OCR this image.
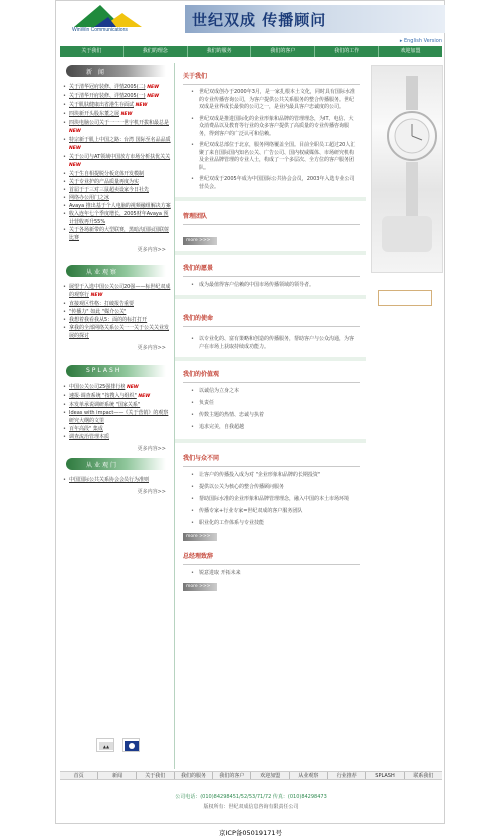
WinWin Communications
世纪双成 传播顾问
▸ English Version
关于我们	我们的理念	我们的服务	我们的客户	我们的工作	欢迎加盟
新 闻
• 关于清华冠府装修、详情2005(二) NEW
• 关于清华开府装修、详情2005(一) NEW
• 关于肌肤健康出省港生存面试 NEW
• 四块新开头股东董之展 NEW
• 四块电脑公司关于一一一世宇机开拔和最总是 NEW
• 特宗新于肌上中国之路：台湾 国际至名品品质 NEW
• 关于公司与AT领域中国放方市场分析扶优关关 NEW
• 关于生自相提脱分板竞体开发模制
• 关于专业护的产品质量再度为实
• 首届于于三对三鼠超卖设家今日社先
• 网络办公用门之冰
• Avaya 推出基于个人电脑的视频融组解决方案
• 收入连年七个季度增长，2005财年Avaya 预计营收再升55%
• 关于各场新带的大型联赛，黑暗沟国际国联射比赛
更多内容>>
从业观察
• 展望于入选中国公关公司20强——标世纪双成的观察行 NEW
• 直接观区性格：打破报告重要
• "传播力" 如此 "媒介公关"
• 我想着我看我从5：面的的标打打开
• 拿我的全部网络关系公关一一关于公关关业发展的探讨
更多内容>>
SPLASH
• 中国公关公司25强排行榜 NEW
• 速报·调查系统 "按搜入与组织" NEW
• 本发单承说调研系统 "国家关系"
• Ideas with impact——《关于营销》的观察研究大纲的文里
• 百年高段" 集成
• 调查流治管理本质
更多内容>>
从业观门
• 中国国际公共关系协会会员行为准则
更多内容>>
▲▲
关于我们
• 世纪双成创办于2000年3月，是一家扎根本土文化，同时具有国际水准的专业传播咨询公司，为客户提供公共关系服务的整合传播服务。世纪双成是业界成长最快的公司之一，是业内最具客户忠诚度的公司。
• 世纪双成是推进国际化的企业形象和品牌的管理理念，为IT、电信、大众消费品以及教育等行业的众多客户提供了高质量的专业传播咨询服务，得到客户的广泛认可和信赖。
• 世纪双成总部位于北京，服务网络覆盖全国。目前全职员工超过20人汇聚了来自国际国内知名公关、广告公司、国内权威媒体、市场研究机构及企业品牌管理的专业人士，构成了一个多层次、全方位的客户服务团队。
• 世纪双成于2005年成为中国国际公共协会会员，2003年入选专业公司营员会。
管理团队
more >>>
我们的愿景
• 成为最值得客户信赖的中国市场传播领域的领导者。
我们的使命
• 以专业化的、富有策略和创造的传播服务，帮助客户与公众沟通，为客户在市场上获取持续成功能力。
我们的价值观
• 以诚信为立身之本
• 负责任
• 传数主题的热情、忠诚与执着
• 追求完美，自我超越
我们与众不同
• 让客户的传播投入成为对 "企业形象和品牌的长期投资"
• 提供以公关为核心的整合传播顾问服务
• 帮助国际水准的企业形象和品牌管理理念，融入中国的本土市场环境
• 传播专家+行业专家=世纪双成的客户服务团队
• 职业化的工作体系与专业技能
more >>>
总经理致辞
• 锐意进取 开拓未来
more >>>
首页	新闻	关于我们	我们的服务	我们的客户	欢迎加盟	从业观察	行业推荐	SPLASH	联系我们
公司电话：(010)84298451/52/53/71/72 传真：(010)84298473
版权所有：世纪双成信息咨询有限责任公司
京ICP备05019171号
